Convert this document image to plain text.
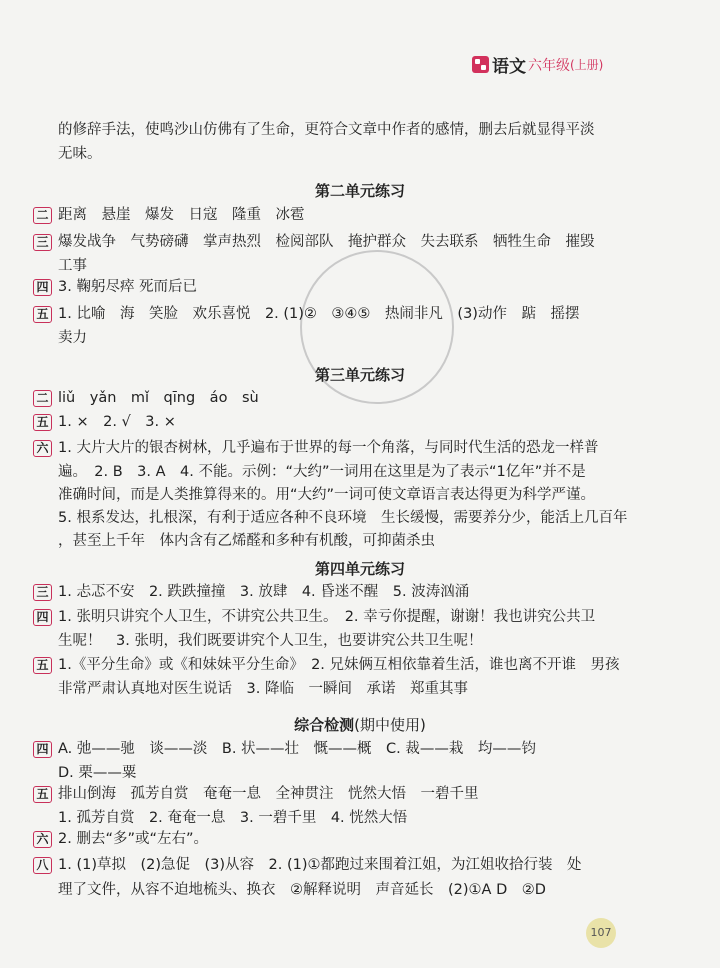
语文 六年级 (上册)
的修辞手法，使鸣沙山仿佛有了生命，更符合文章中作者的感情，删去后就显得平淡
无味。
第二单元练习
二 距离　悬崖　爆发　日寇　隆重　冰雹
三 爆发战争　气势磅礴　掌声热烈　检阅部队　掩护群众　失去联系　牺牲生命　摧毁
工事
四 3. 鞠躬尽瘁 死而后已
五 1. 比喻　海　笑脸　欢乐喜悦　2. (1)②　③④⑤　热闹非凡　(3)动作　踮　摇摆
卖力
第三单元练习
二 liǔ　yǎn　mǐ　qīng　áo　sù
五 1. ×　2. √　3. ×
六 1. 大片大片的银杏树林，几乎遍布于世界的每一个角落，与同时代生活的恐龙一样普
遍。　2. B　3. A　4. 不能。示例：“大约”一词用在这里是为了表示“1亿年”并不是
准确时间，而是人类推算得来的。用“大约”一词可使文章语言表达得更为科学严谨。
5. 根系发达，扎根深，有利于适应各种不良环境　生长缓慢，需要养分少，能活上几百年
，甚至上千年　体内含有乙烯醛和多种有机酸，可抑菌杀虫
第四单元练习
三 1. 忐忑不安　2. 跌跌撞撞　3. 放肆　4. 昏迷不醒　5. 波涛汹涌
四 1. 张明只讲究个人卫生，不讲究公共卫生。　2. 幸亏你提醒，谢谢！我也讲究公共卫
生呢！　3. 张明，我们既要讲究个人卫生，也要讲究公共卫生呢！
五 1.《平分生命》或《和妹妹平分生命》　2. 兄妹俩互相依靠着生活，谁也离不开谁　男孩
非常严肃认真地对医生说话　3. 降临　一瞬间　承诺　郑重其事
综合检测(期中使用)
四 A. 弛——驰　谈——淡　B. 状——壮　慨——概　C. 裁——栽　均——钧
D. 栗——粟
五 排山倒海　孤芳自赏　奄奄一息　全神贯注　恍然大悟　一碧千里
1. 孤芳自赏　2. 奄奄一息　3. 一碧千里　4. 恍然大悟
六 2. 删去“多”或“左右”。
八 1. (1)草拟　(2)急促　(3)从容　2. (1)①都跑过来围着江姐，为江姐收拾行装　处
理了文件，从容不迫地梳头、换衣　②解释说明　声音延长　(2)①A D　②D
107
